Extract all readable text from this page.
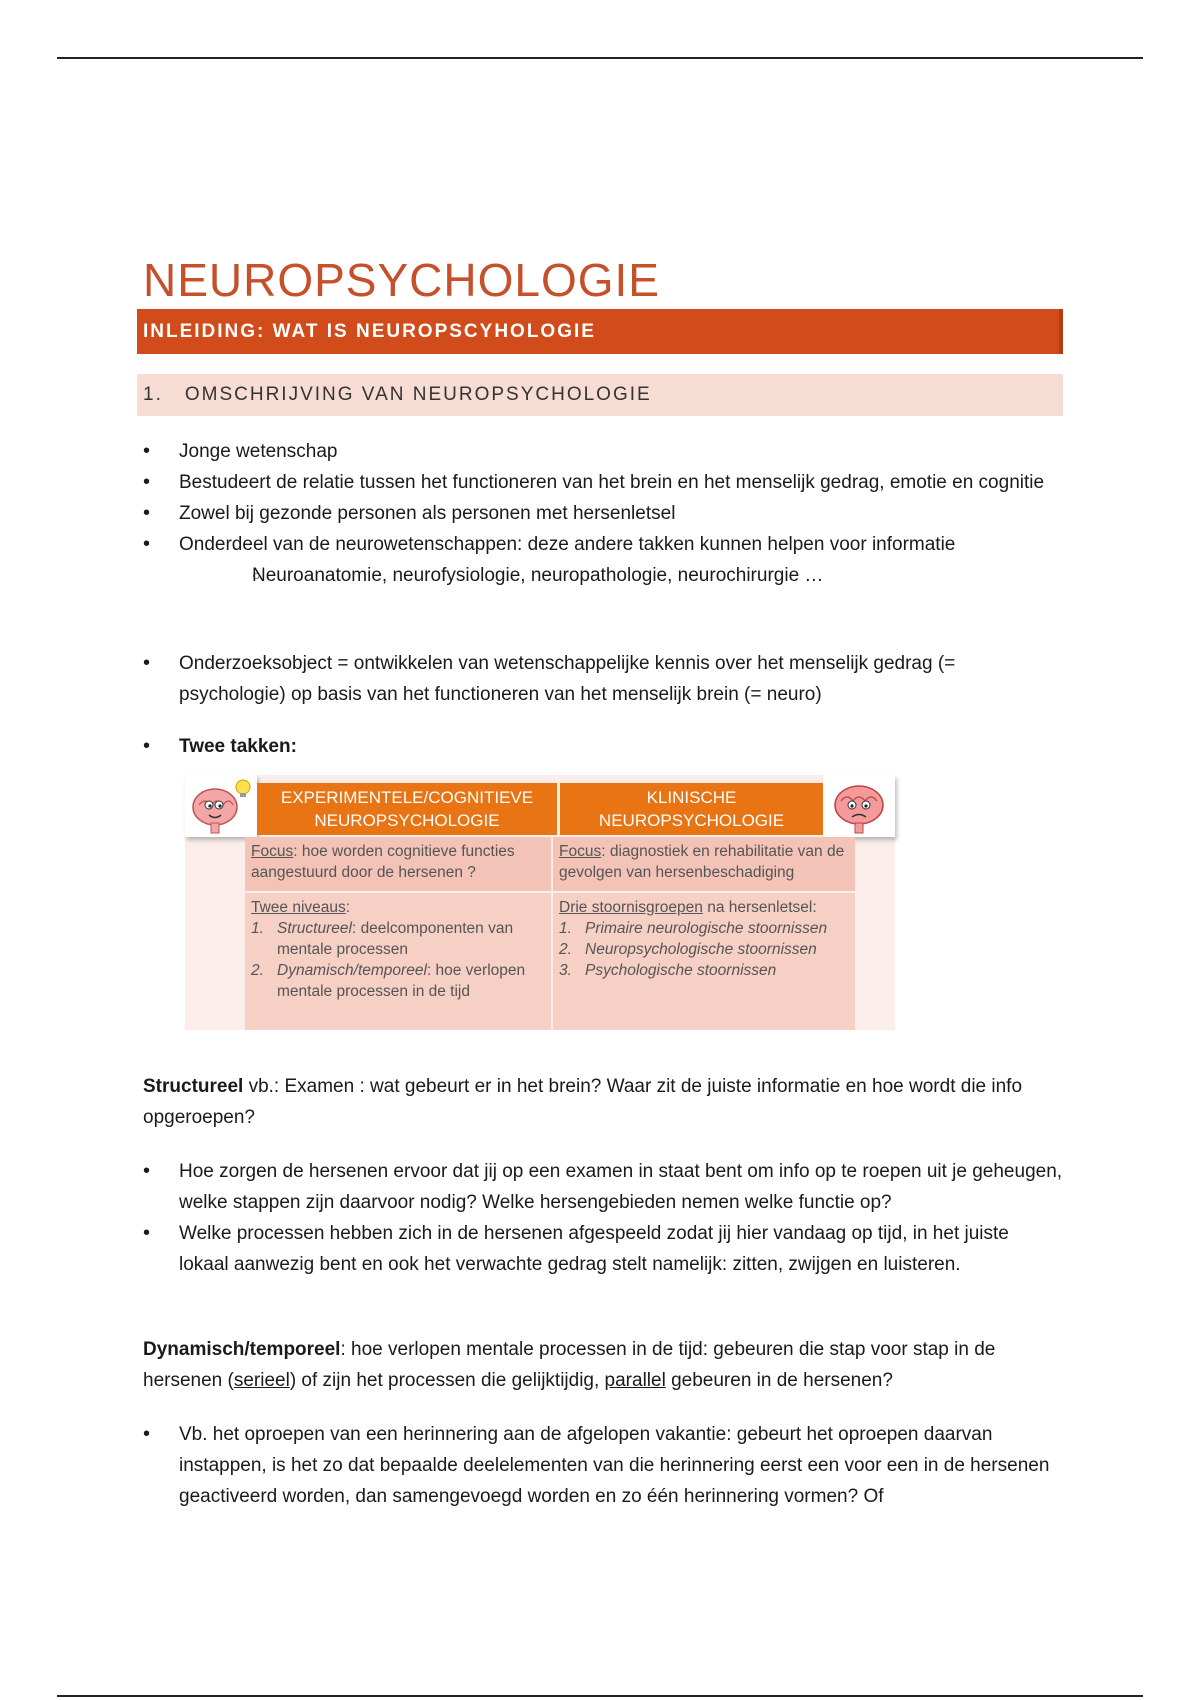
NEUROPSYCHOLOGIE
INLEIDING: WAT IS NEUROPSCYHOLOGIE
1. OMSCHRIJVING VAN NEUROPSYCHOLOGIE
• Jonge wetenschap
• Bestudeert de relatie tussen het functioneren van het brein en het menselijk gedrag, emotie en cognitie
• Zowel bij gezonde personen als personen met hersenletsel
• Onderdeel van de neurowetenschappen: deze andere takken kunnen helpen voor informatie
○ Neuroanatomie, neurofysiologie, neuropathologie, neurochirurgie …
• Onderzoeksobject = ontwikkelen van wetenschappelijke kennis over het menselijk gedrag (= psychologie) op basis van het functioneren van het menselijk brein (= neuro)
• Twee takken:
EXPERIMENTELE/COGNITIEVE
NEUROPSYCHOLOGIE
KLINISCHE
NEUROPSYCHOLOGIE
Focus: hoe worden cognitieve functies aangestuurd door de hersenen ?
Focus: diagnostiek en rehabilitatie van de gevolgen van hersenbeschadiging
Twee niveaus:
1. Structureel: deelcomponenten van mentale processen
2. Dynamisch/temporeel: hoe verlopen mentale processen in de tijd
Drie stoornisgroepen na hersenletsel:
1. Primaire neurologische stoornissen
2. Neuropsychologische stoornissen
3. Psychologische stoornissen

Structureel vb.: Examen : wat gebeurt er in het brein? Waar zit de juiste informatie en hoe wordt die info opgeroepen?

• Hoe zorgen de hersenen ervoor dat jij op een examen in staat bent om info op te roepen uit je geheugen, welke stappen zijn daarvoor nodig? Welke hersengebieden nemen welke functie op?
• Welke processen hebben zich in de hersenen afgespeeld zodat jij hier vandaag op tijd, in het juiste lokaal aanwezig bent en ook het verwachte gedrag stelt namelijk: zitten, zwijgen en luisteren.

Dynamisch/temporeel: hoe verlopen mentale processen in de tijd: gebeuren die stap voor stap in de hersenen (serieel) of zijn het processen die gelijktijdig, parallel gebeuren in de hersenen?

• Vb. het oproepen van een herinnering aan de afgelopen vakantie: gebeurt het oproepen daarvan instappen, is het zo dat bepaalde deelelementen van die herinnering eerst een voor een in de hersenen geactiveerd worden, dan samengevoegd worden en zo één herinnering vormen? Of
